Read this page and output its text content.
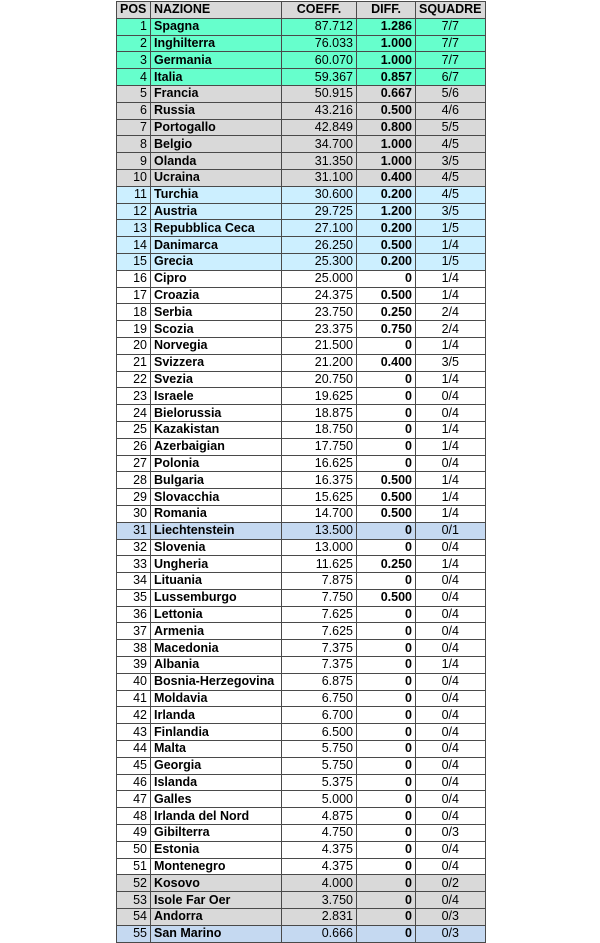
POS	NAZIONE	COEFF.	DIFF.	SQUADRE
1	Spagna	87.712	1.286	7/7
2	Inghilterra	76.033	1.000	7/7
3	Germania	60.070	1.000	7/7
4	Italia	59.367	0.857	6/7
5	Francia	50.915	0.667	5/6
6	Russia	43.216	0.500	4/6
7	Portogallo	42.849	0.800	5/5
8	Belgio	34.700	1.000	4/5
9	Olanda	31.350	1.000	3/5
10	Ucraina	31.100	0.400	4/5
11	Turchia	30.600	0.200	4/5
12	Austria	29.725	1.200	3/5
13	Repubblica Ceca	27.100	0.200	1/5
14	Danimarca	26.250	0.500	1/4
15	Grecia	25.300	0.200	1/5
16	Cipro	25.000	0	1/4
17	Croazia	24.375	0.500	1/4
18	Serbia	23.750	0.250	2/4
19	Scozia	23.375	0.750	2/4
20	Norvegia	21.500	0	1/4
21	Svizzera	21.200	0.400	3/5
22	Svezia	20.750	0	1/4
23	Israele	19.625	0	0/4
24	Bielorussia	18.875	0	0/4
25	Kazakistan	18.750	0	1/4
26	Azerbaigian	17.750	0	1/4
27	Polonia	16.625	0	0/4
28	Bulgaria	16.375	0.500	1/4
29	Slovacchia	15.625	0.500	1/4
30	Romania	14.700	0.500	1/4
31	Liechtenstein	13.500	0	0/1
32	Slovenia	13.000	0	0/4
33	Ungheria	11.625	0.250	1/4
34	Lituania	7.875	0	0/4
35	Lussemburgo	7.750	0.500	0/4
36	Lettonia	7.625	0	0/4
37	Armenia	7.625	0	0/4
38	Macedonia	7.375	0	0/4
39	Albania	7.375	0	1/4
40	Bosnia-Herzegovina	6.875	0	0/4
41	Moldavia	6.750	0	0/4
42	Irlanda	6.700	0	0/4
43	Finlandia	6.500	0	0/4
44	Malta	5.750	0	0/4
45	Georgia	5.750	0	0/4
46	Islanda	5.375	0	0/4
47	Galles	5.000	0	0/4
48	Irlanda del Nord	4.875	0	0/4
49	Gibilterra	4.750	0	0/3
50	Estonia	4.375	0	0/4
51	Montenegro	4.375	0	0/4
52	Kosovo	4.000	0	0/2
53	Isole Far Oer	3.750	0	0/4
54	Andorra	2.831	0	0/3
55	San Marino	0.666	0	0/3
